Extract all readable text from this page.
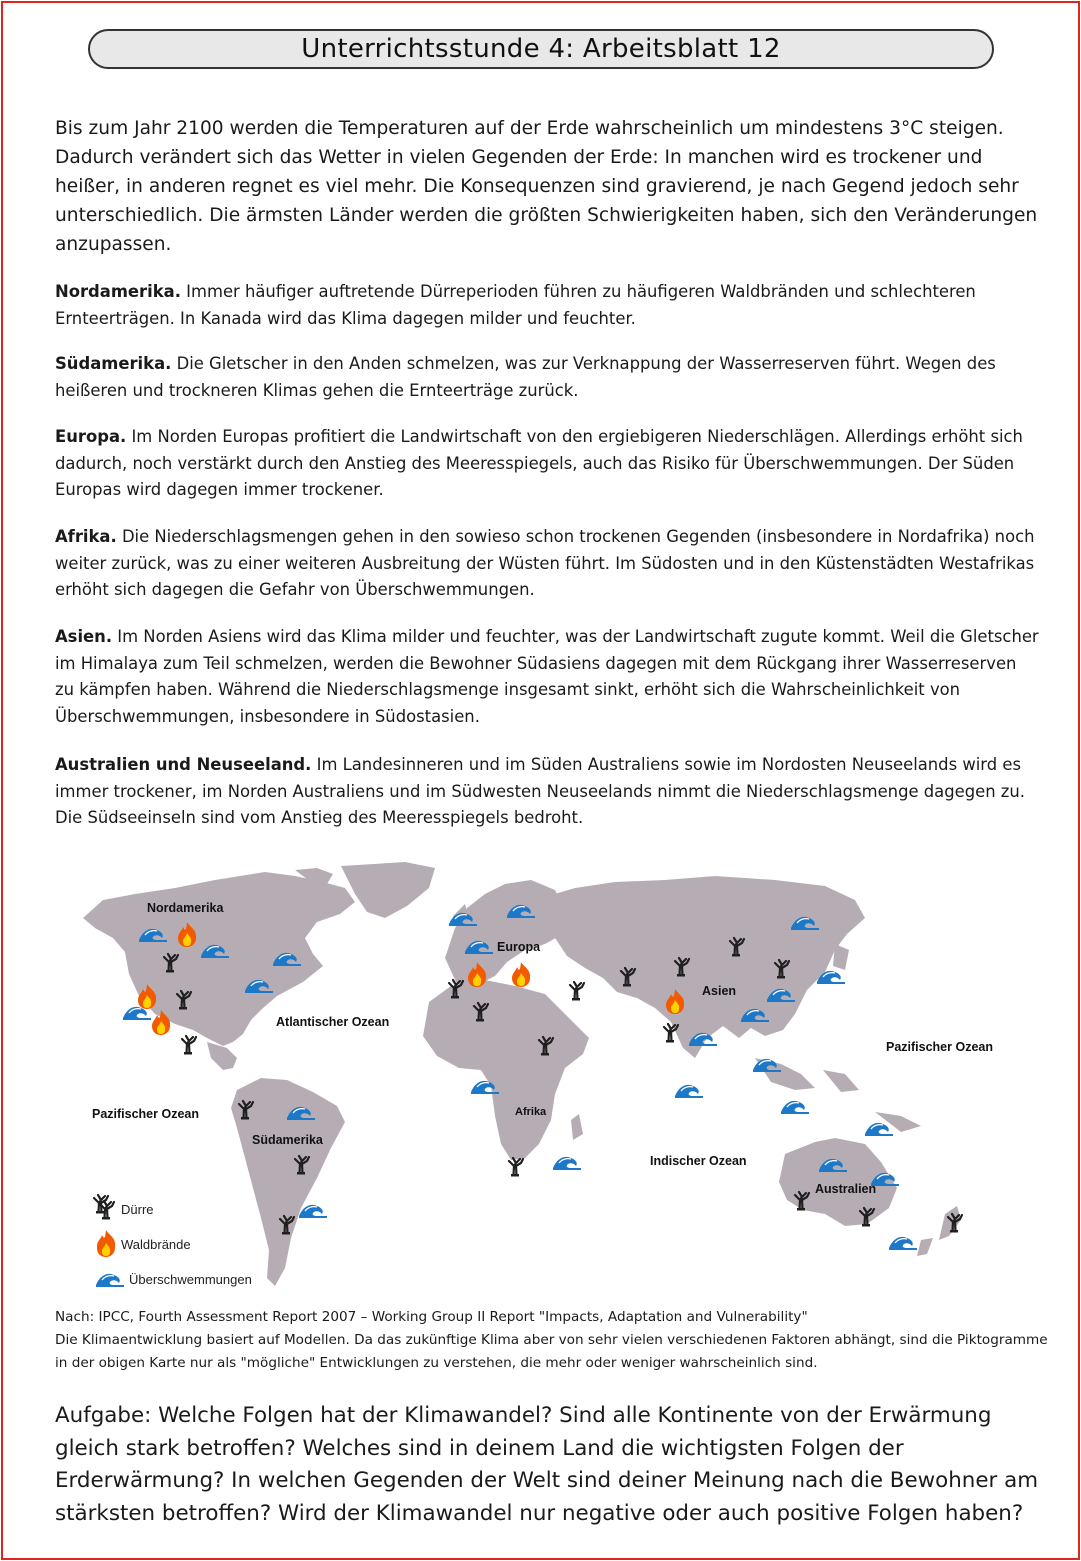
Unterrichtsstunde 4: Arbeitsblatt 12

Bis zum Jahr 2100 werden die Temperaturen auf der Erde wahrscheinlich um mindestens 3°C steigen. Dadurch verändert sich das Wetter in vielen Gegenden der Erde: In manchen wird es trockener und heißer, in anderen regnet es viel mehr. Die Konsequenzen sind gravierend, je nach Gegend jedoch sehr unterschiedlich. Die ärmsten Länder werden die größten Schwierigkeiten haben, sich den Veränderungen anzupassen.

Nordamerika. Immer häufiger auftretende Dürreperioden führen zu häufigeren Waldbränden und schlechteren Ernteerträgen. In Kanada wird das Klima dagegen milder und feuchter.

Südamerika. Die Gletscher in den Anden schmelzen, was zur Verknappung der Wasserreserven führt. Wegen des heißeren und trockneren Klimas gehen die Ernteerträge zurück.

Europa. Im Norden Europas profitiert die Landwirtschaft von den ergiebigeren Niederschlägen. Allerdings erhöht sich dadurch, noch verstärkt durch den Anstieg des Meeresspiegels, auch das Risiko für Überschwemmungen. Der Süden Europas wird dagegen immer trockener.

Afrika. Die Niederschlagsmengen gehen in den sowieso schon trockenen Gegenden (insbesondere in Nordafrika) noch weiter zurück, was zu einer weiteren Ausbreitung der Wüsten führt. Im Südosten und in den Küstenstädten Westafrikas erhöht sich dagegen die Gefahr von Überschwemmungen.

Asien. Im Norden Asiens wird das Klima milder und feuchter, was der Landwirtschaft zugute kommt. Weil die Gletscher im Himalaya zum Teil schmelzen, werden die Bewohner Südasiens dagegen mit dem Rückgang ihrer Wasserreserven zu kämpfen haben. Während die Niederschlagsmenge insgesamt sinkt, erhöht sich die Wahrscheinlichkeit von Überschwemmungen, insbesondere in Südostasien.

Australien und Neuseeland. Im Landesinneren und im Süden Australiens sowie im Nordosten Neuseelands wird es immer trockener, im Norden Australiens und im Südwesten Neuseelands nimmt die Niederschlagsmenge dagegen zu. Die Südseeinseln sind vom Anstieg des Meeresspiegels bedroht.

Nordamerika
Europa
Asien
Afrika
Südamerika
Australien
Atlantischer Ozean
Pazifischer Ozean
Pazifischer Ozean
Indischer Ozean
Dürre
Waldbrände
Überschwemmungen

Nach: IPCC, Fourth Assessment Report 2007 – Working Group II Report "Impacts, Adaptation and Vulnerability"
Die Klimaentwicklung basiert auf Modellen. Da das zukünftige Klima aber von sehr vielen verschiedenen Faktoren abhängt, sind die Piktogramme in der obigen Karte nur als "mögliche" Entwicklungen zu verstehen, die mehr oder weniger wahrscheinlich sind.

Aufgabe: Welche Folgen hat der Klimawandel? Sind alle Kontinente von der Erwärmung gleich stark betroffen? Welches sind in deinem Land die wichtigsten Folgen der Erderwärmung? In welchen Gegenden der Welt sind deiner Meinung nach die Bewohner am stärksten betroffen? Wird der Klimawandel nur negative oder auch positive Folgen haben?
